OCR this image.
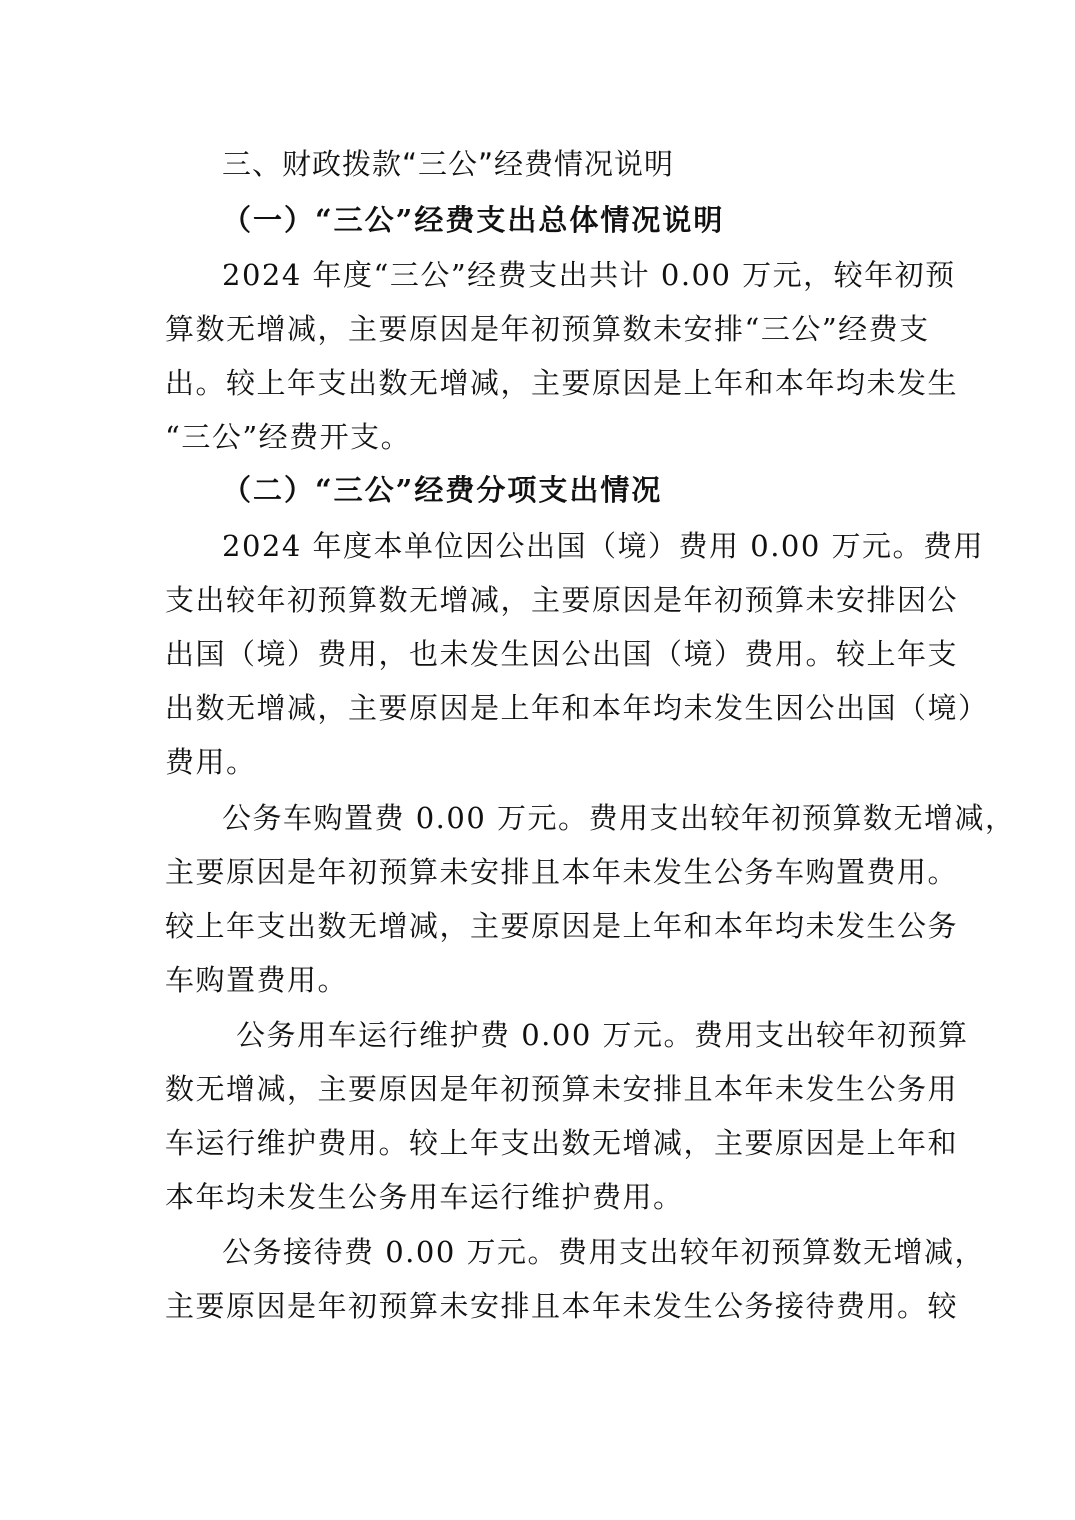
三、财政拨款“三公”经费情况说明
（一）“三公”经费支出总体情况说明
2024 年度“三公”经费支出共计 0.00 万元，较年初预
算数无增减，主要原因是年初预算数未安排“三公”经费支
出。较上年支出数无增减，主要原因是上年和本年均未发生
“三公”经费开支。
（二）“三公”经费分项支出情况
2024 年度本单位因公出国（境）费用 0.00 万元。费用
支出较年初预算数无增减，主要原因是年初预算未安排因公
出国（境）费用，也未发生因公出国（境）费用。较上年支
出数无增减，主要原因是上年和本年均未发生因公出国（境）
费用。
公务车购置费 0.00 万元。费用支出较年初预算数无增减，
主要原因是年初预算未安排且本年未发生公务车购置费用。
较上年支出数无增减，主要原因是上年和本年均未发生公务
车购置费用。
公务用车运行维护费 0.00 万元。费用支出较年初预算
数无增减，主要原因是年初预算未安排且本年未发生公务用
车运行维护费用。较上年支出数无增减，主要原因是上年和
本年均未发生公务用车运行维护费用。
公务接待费 0.00 万元。费用支出较年初预算数无增减，
主要原因是年初预算未安排且本年未发生公务接待费用。较
